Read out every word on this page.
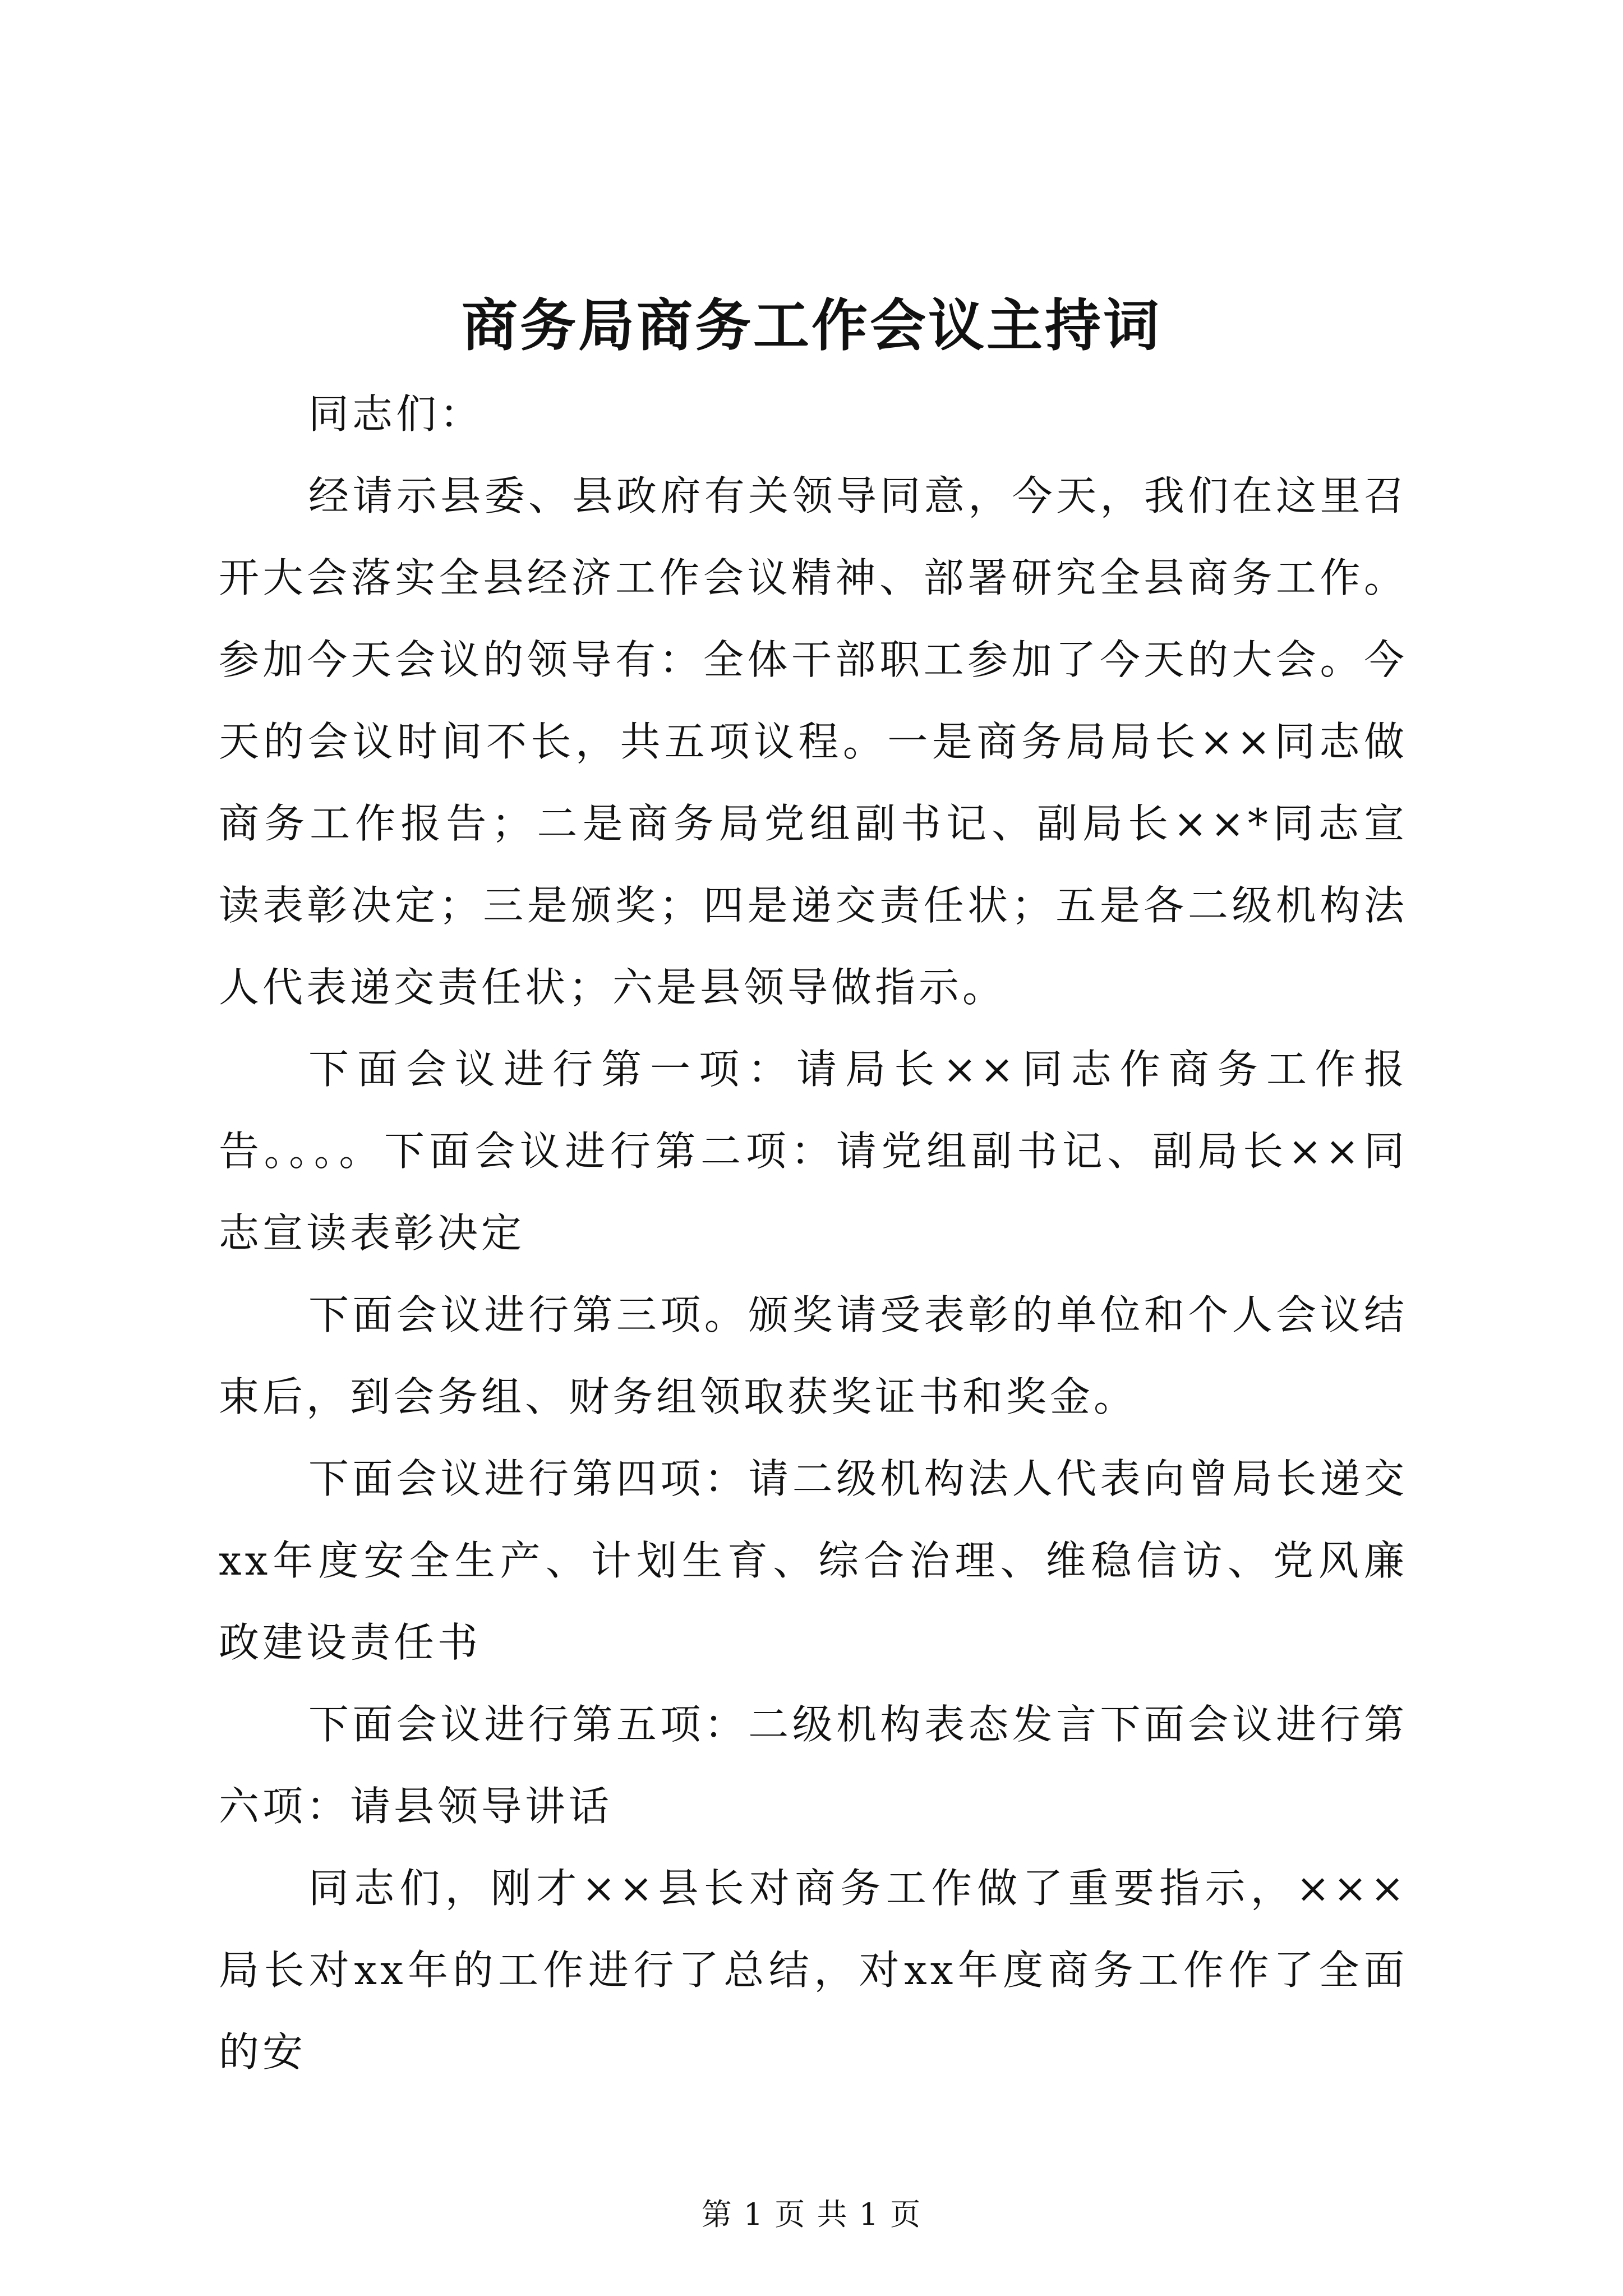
商务局商务工作会议主持词

同志们：

经请示县委、县政府有关领导同意，今天，我们在这里召开大会落实全县经济工作会议精神、部署研究全县商务工作。参加今天会议的领导有：全体干部职工参加了今天的大会。今天的会议时间不长，共五项议程。一是商务局局长××同志做商务工作报告；二是商务局党组副书记、副局长××*同志宣读表彰决定；三是颁奖；四是递交责任状；五是各二级机构法人代表递交责任状；六是县领导做指示。

下面会议进行第一项：请局长××同志作商务工作报告。。。。下面会议进行第二项：请党组副书记、副局长××同志宣读表彰决定

下面会议进行第三项。颁奖请受表彰的单位和个人会议结束后，到会务组、财务组领取获奖证书和奖金。

下面会议进行第四项：请二级机构法人代表向曾局长递交xx年度安全生产、计划生育、综合治理、维稳信访、党风廉政建设责任书

下面会议进行第五项：二级机构表态发言下面会议进行第六项：请县领导讲话

同志们，刚才××县长对商务工作做了重要指示，×××局长对xx年的工作进行了总结，对xx年度商务工作作了全面的安

第 1 页 共 1 页
